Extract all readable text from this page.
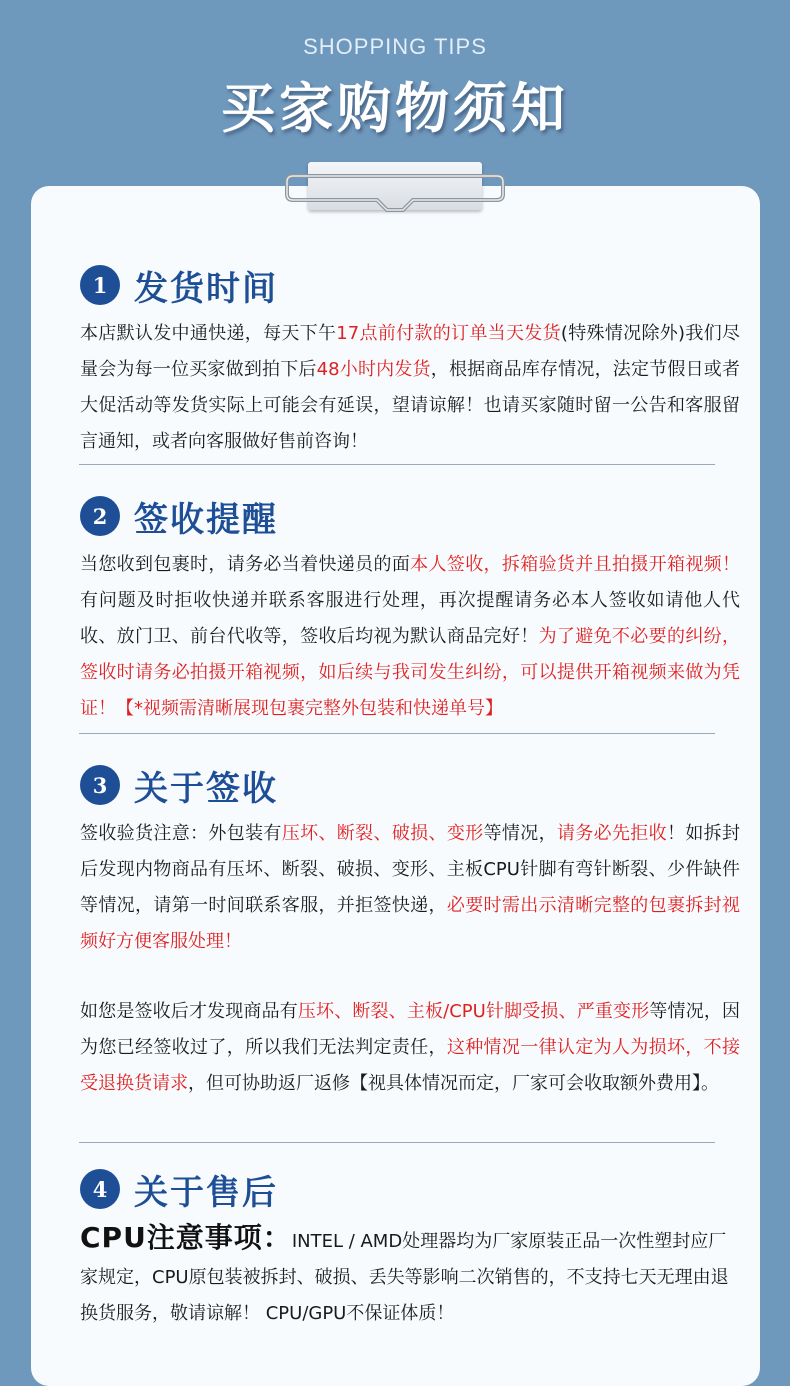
SHOPPING TIPS
买家购物须知
1 发货时间
本店默认发中通快递，每天下午17点前付款的订单当天发货(特殊情况除外)我们尽量会为每一位买家做到拍下后48小时内发货，根据商品库存情况，法定节假日或者大促活动等发货实际上可能会有延误，望请谅解！也请买家随时留一公告和客服留言通知，或者向客服做好售前咨询！
2 签收提醒
当您收到包裹时，请务必当着快递员的面本人签收，拆箱验货并且拍摄开箱视频！有问题及时拒收快递并联系客服进行处理，再次提醒请务必本人签收如请他人代收、放门卫、前台代收等，签收后均视为默认商品完好！为了避免不必要的纠纷，签收时请务必拍摄开箱视频，如后续与我司发生纠纷，可以提供开箱视频来做为凭证！【*视频需清晰展现包裹完整外包装和快递单号】
3 关于签收
签收验货注意：外包装有压坏、断裂、破损、变形等情况，请务必先拒收！如拆封后发现内物商品有压坏、断裂、破损、变形、主板CPU针脚有弯针断裂、少件缺件等情况，请第一时间联系客服，并拒签快递，必要时需出示清晰完整的包裹拆封视频好方便客服处理！
如您是签收后才发现商品有压坏、断裂、主板/CPU针脚受损、严重变形等情况，因为您已经签收过了，所以我们无法判定责任，这种情况一律认定为人为损坏，不接受退换货请求，但可协助返厂返修【视具体情况而定，厂家可会收取额外费用】。
4 关于售后
CPU注意事项：INTEL / AMD处理器均为厂家原装正品一次性塑封应厂家规定，CPU原包装被拆封、破损、丢失等影响二次销售的，不支持七天无理由退换货服务，敬请谅解！ CPU/GPU不保证体质！
